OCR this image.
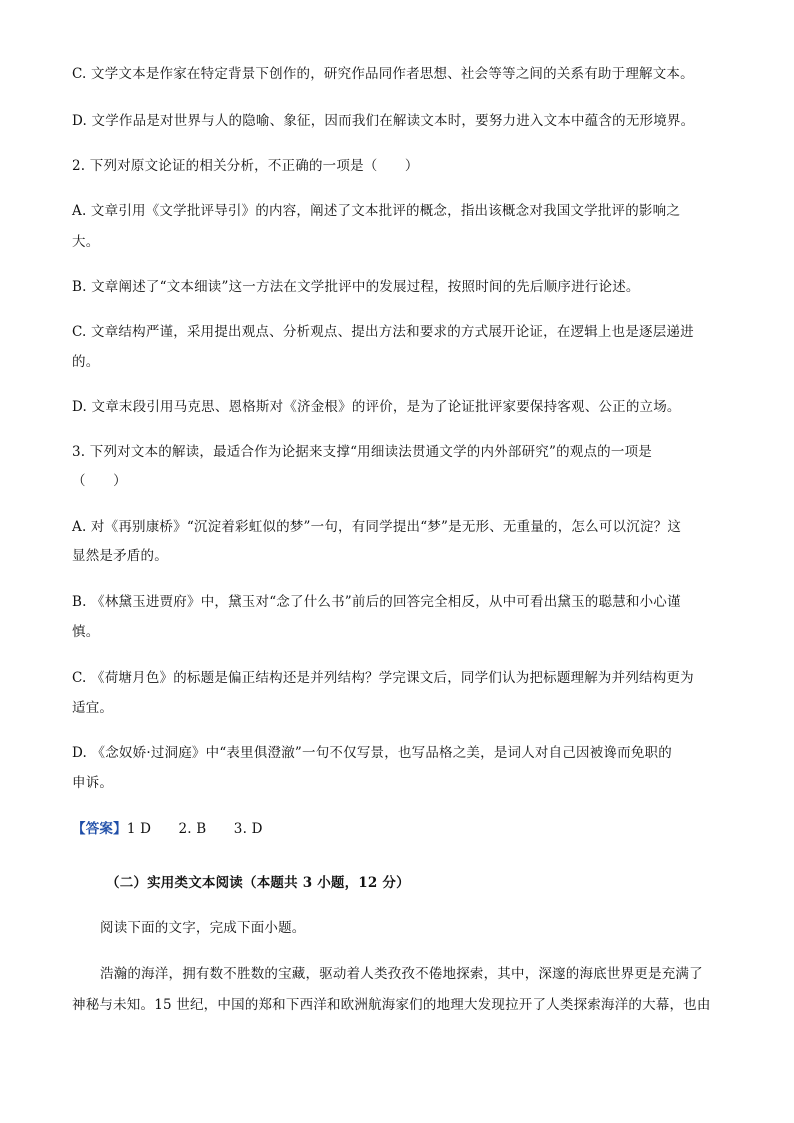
C. 文学文本是作家在特定背景下创作的，研究作品同作者思想、社会等等之间的关系有助于理解文本。
D. 文学作品是对世界与人的隐喻、象征，因而我们在解读文本时，要努力进入文本中蕴含的无形境界。
2. 下列对原文论证的相关分析，不正确的一项是（　　）
A. 文章引用《文学批评导引》的内容，阐述了文本批评的概念，指出该概念对我国文学批评的影响之
大。
B. 文章阐述了“文本细读”这一方法在文学批评中的发展过程，按照时间的先后顺序进行论述。
C. 文章结构严谨，采用提出观点、分析观点、提出方法和要求的方式展开论证，在逻辑上也是逐层递进
的。
D. 文章末段引用马克思、恩格斯对《济金根》的评价，是为了论证批评家要保持客观、公正的立场。
3. 下列对文本的解读，最适合作为论据来支撑“用细读法贯通文学的内外部研究”的观点的一项是
（　　）
A. 对《再别康桥》“沉淀着彩虹似的梦”一句，有同学提出“梦”是无形、无重量的，怎么可以沉淀？这
显然是矛盾的。
B. 《林黛玉进贾府》中，黛玉对“念了什么书”前后的回答完全相反，从中可看出黛玉的聪慧和小心谨
慎。
C. 《荷塘月色》的标题是偏正结构还是并列结构？学完课文后，同学们认为把标题理解为并列结构更为
适宜。
D. 《念奴娇·过洞庭》中“表里俱澄澈”一句不仅写景，也写品格之美，是词人对自己因被谗而免职的
申诉。
【答案】1 D　　2. B　　3. D
（二）实用类文本阅读（本题共 3 小题，12 分）
阅读下面的文字，完成下面小题。
浩瀚的海洋，拥有数不胜数的宝藏，驱动着人类孜孜不倦地探索，其中，深邃的海底世界更是充满了
神秘与未知。15 世纪，中国的郑和下西洋和欧洲航海家们的地理大发现拉开了人类探索海洋的大幕，也由
